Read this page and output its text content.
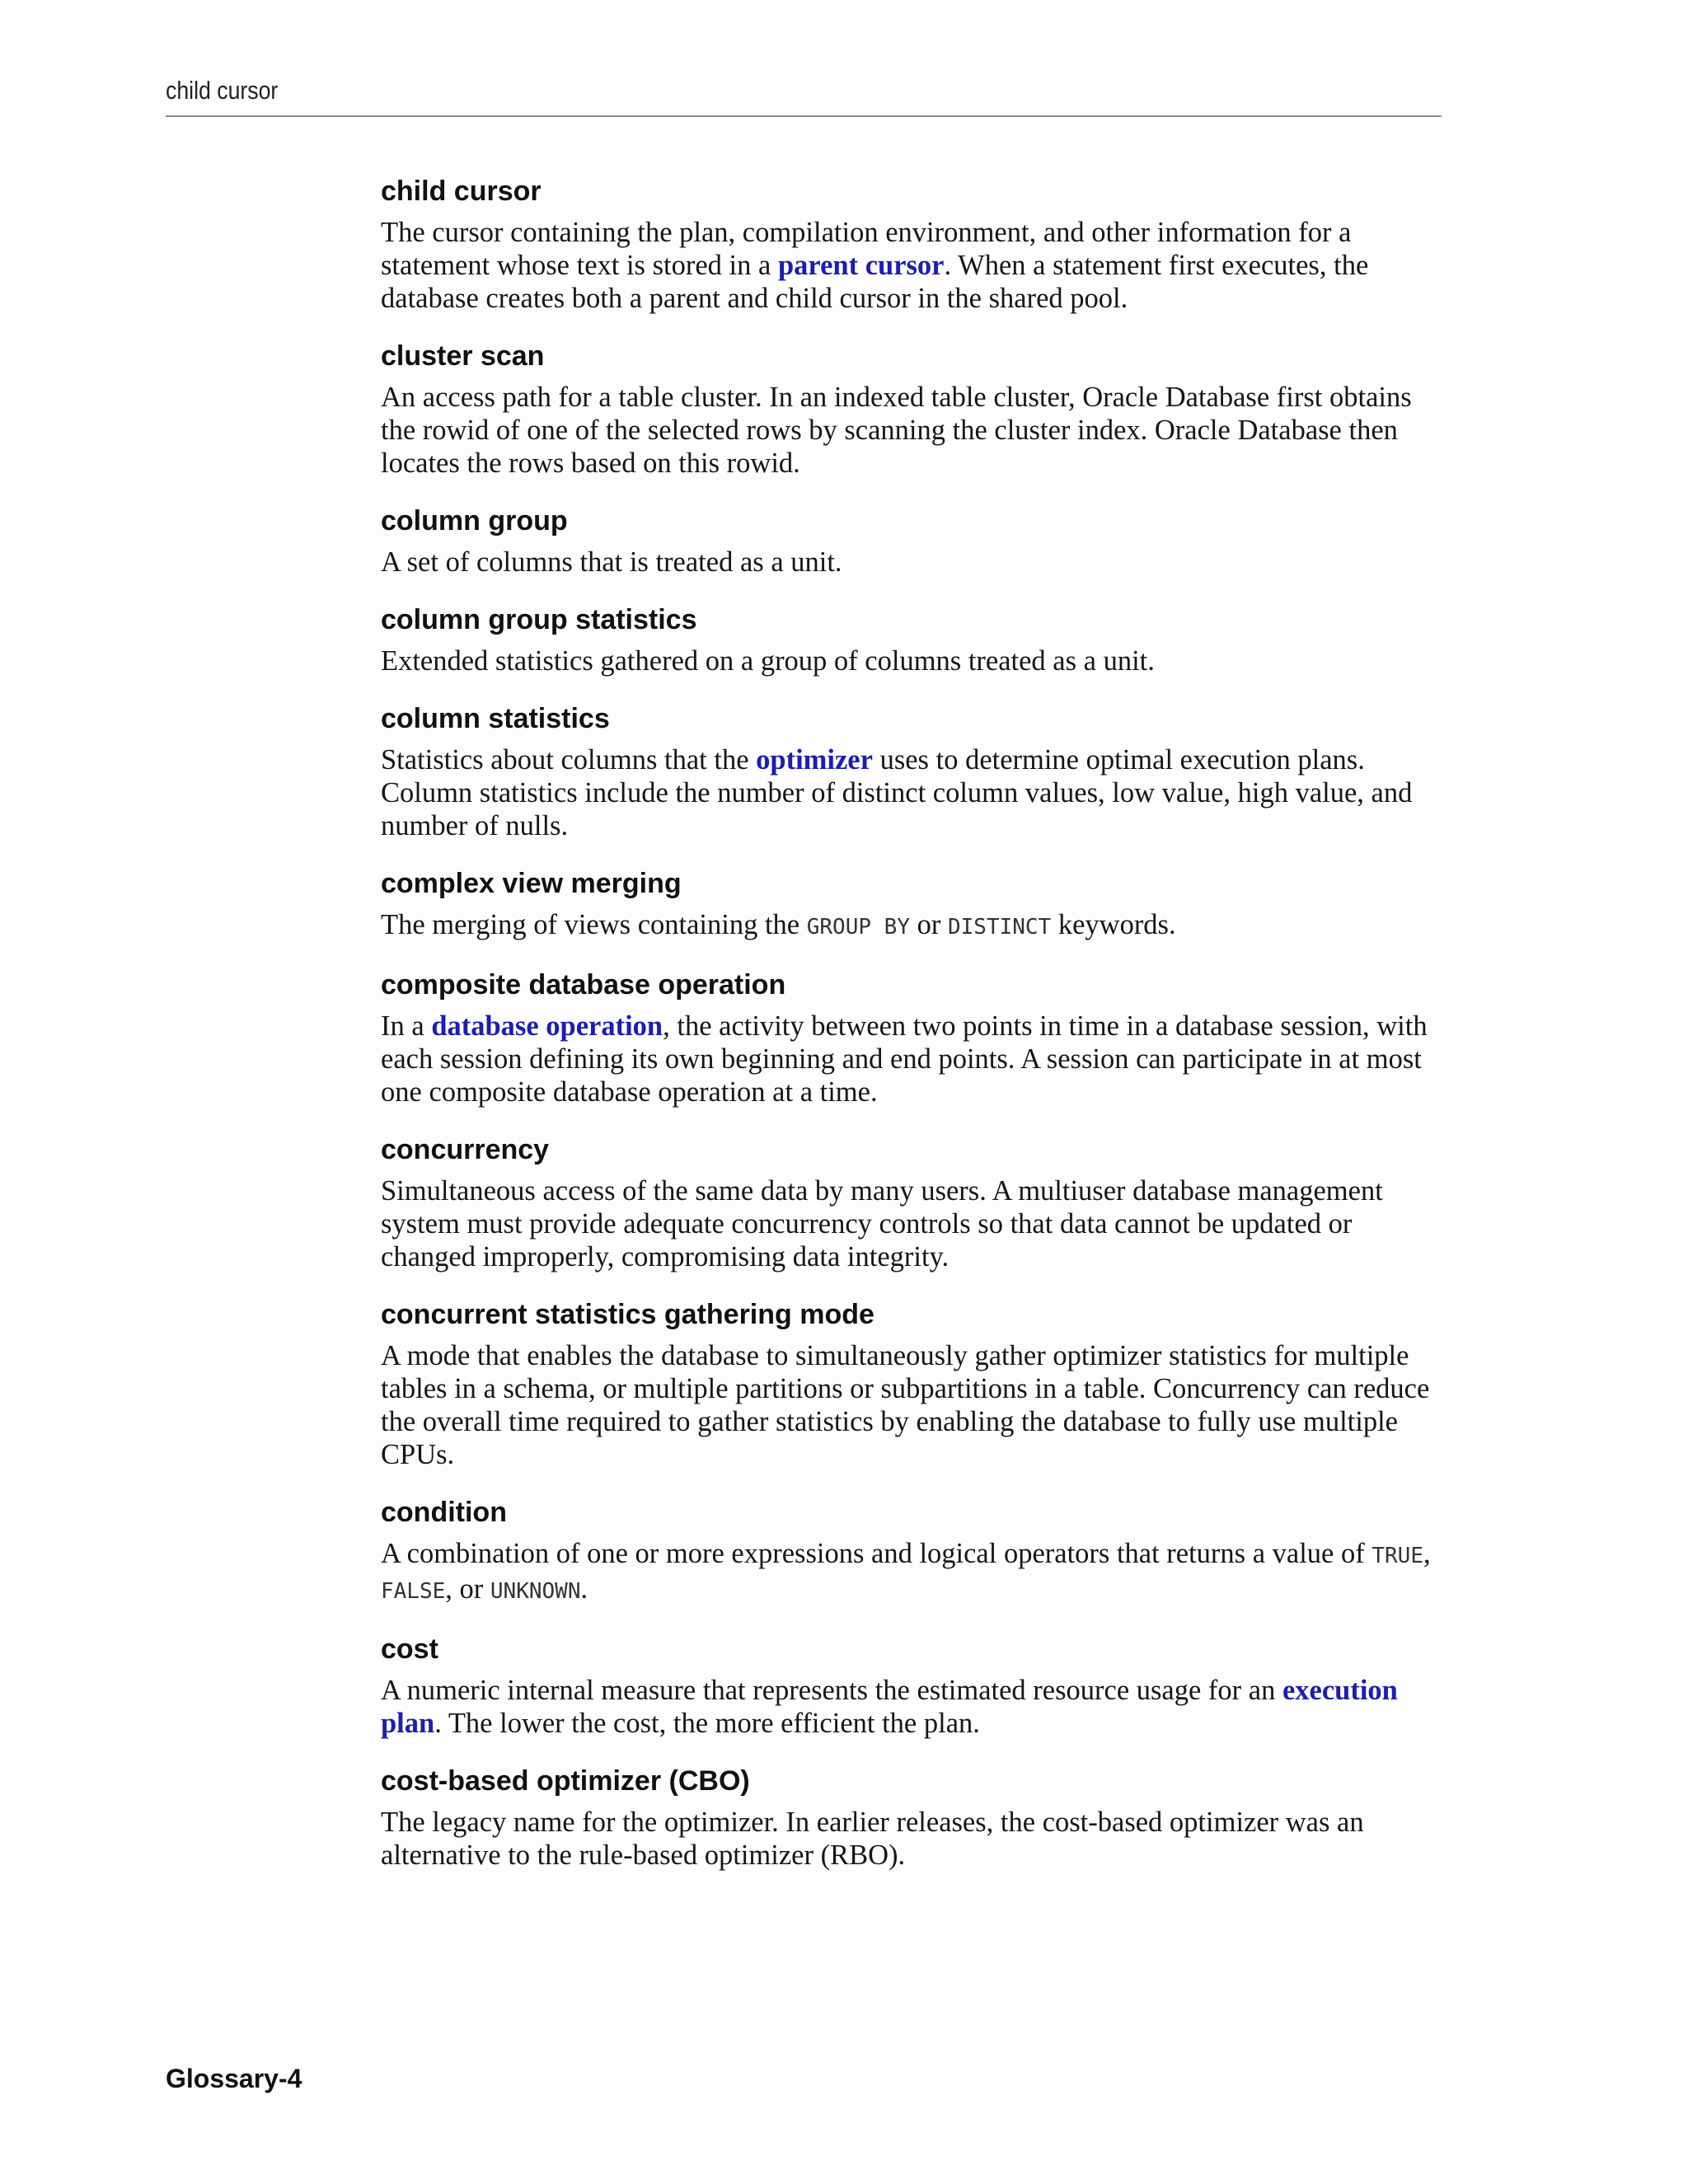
child cursor
child cursor

The cursor containing the plan, compilation environment, and other information for a statement whose text is stored in a parent cursor. When a statement first executes, the database creates both a parent and child cursor in the shared pool.

cluster scan

An access path for a table cluster. In an indexed table cluster, Oracle Database first obtains the rowid of one of the selected rows by scanning the cluster index. Oracle Database then locates the rows based on this rowid.

column group

A set of columns that is treated as a unit.

column group statistics

Extended statistics gathered on a group of columns treated as a unit.

column statistics

Statistics about columns that the optimizer uses to determine optimal execution plans. Column statistics include the number of distinct column values, low value, high value, and number of nulls.

complex view merging

The merging of views containing the GROUP BY or DISTINCT keywords.

composite database operation

In a database operation, the activity between two points in time in a database session, with each session defining its own beginning and end points. A session can participate in at most one composite database operation at a time.

concurrency

Simultaneous access of the same data by many users. A multiuser database management system must provide adequate concurrency controls so that data cannot be updated or changed improperly, compromising data integrity.

concurrent statistics gathering mode

A mode that enables the database to simultaneously gather optimizer statistics for multiple tables in a schema, or multiple partitions or subpartitions in a table. Concurrency can reduce the overall time required to gather statistics by enabling the database to fully use multiple CPUs.

condition

A combination of one or more expressions and logical operators that returns a value of TRUE, FALSE, or UNKNOWN.

cost

A numeric internal measure that represents the estimated resource usage for an execution plan. The lower the cost, the more efficient the plan.

cost-based optimizer (CBO)

The legacy name for the optimizer. In earlier releases, the cost-based optimizer was an alternative to the rule-based optimizer (RBO).

Glossary-4
